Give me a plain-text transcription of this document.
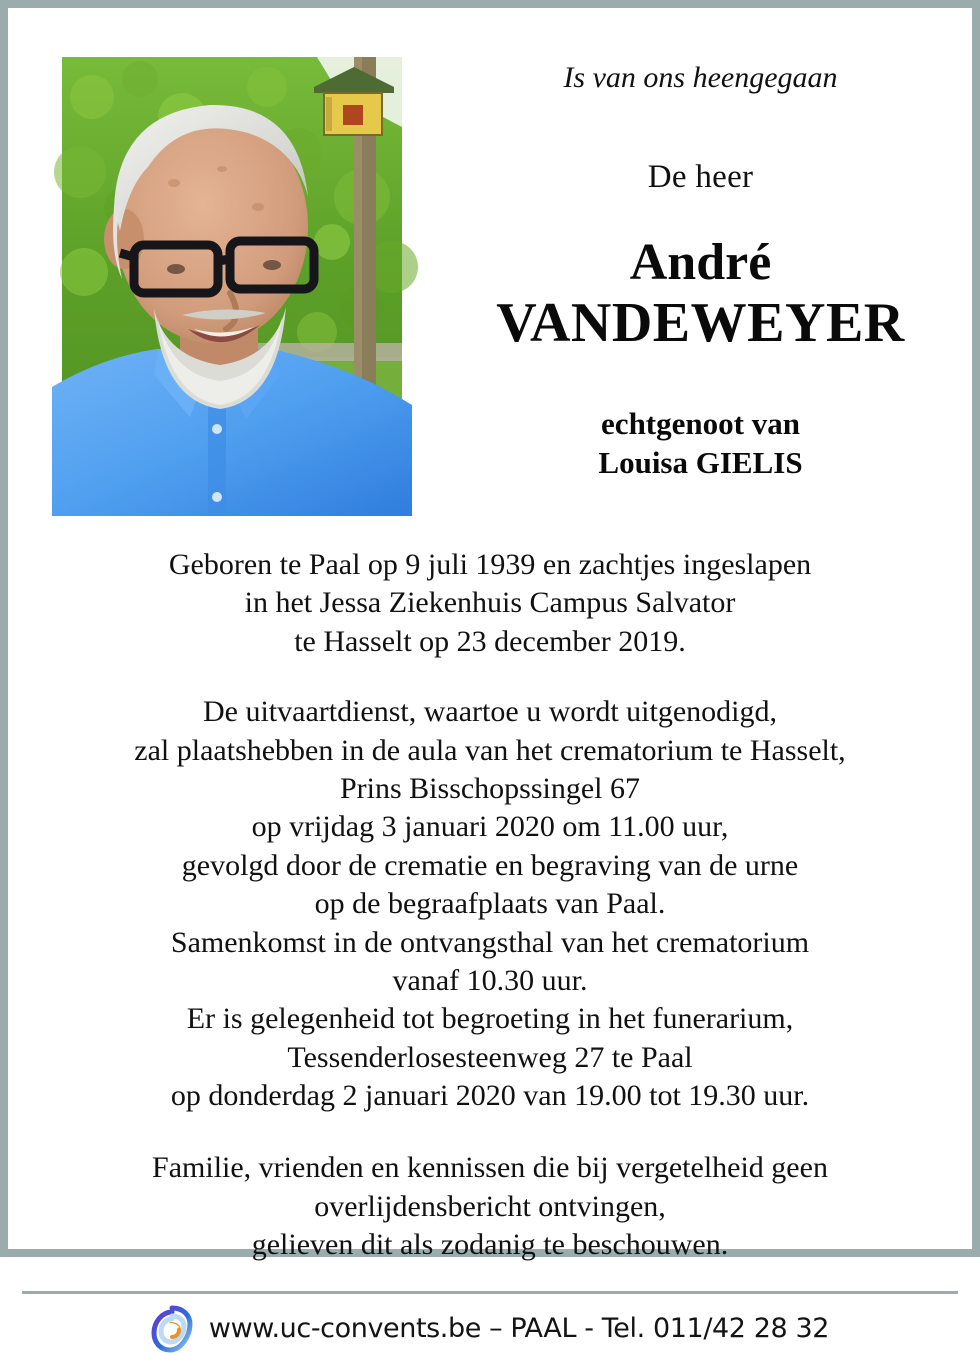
Is van ons heengegaan
De heer
André
VANDEWEYER
echtgenoot van
Louisa GIELIS

Geboren te Paal op 9 juli 1939 en zachtjes ingeslapen
in het Jessa Ziekenhuis Campus Salvator
te Hasselt op 23 december 2019.

De uitvaartdienst, waartoe u wordt uitgenodigd,
zal plaatshebben in de aula van het crematorium te Hasselt,
Prins Bisschopssingel 67
op vrijdag 3 januari 2020 om 11.00 uur,
gevolgd door de crematie en begraving van de urne
op de begraafplaats van Paal.
Samenkomst in de ontvangsthal van het crematorium
vanaf 10.30 uur.
Er is gelegenheid tot begroeting in het funerarium,
Tessenderlosesteenweg 27 te Paal
op donderdag 2 januari 2020 van 19.00 tot 19.30 uur.

Familie, vrienden en kennissen die bij vergetelheid geen
overlijdensbericht ontvingen,
gelieven dit als zodanig te beschouwen.

www.uc-convents.be – PAAL - Tel. 011/42 28 32
